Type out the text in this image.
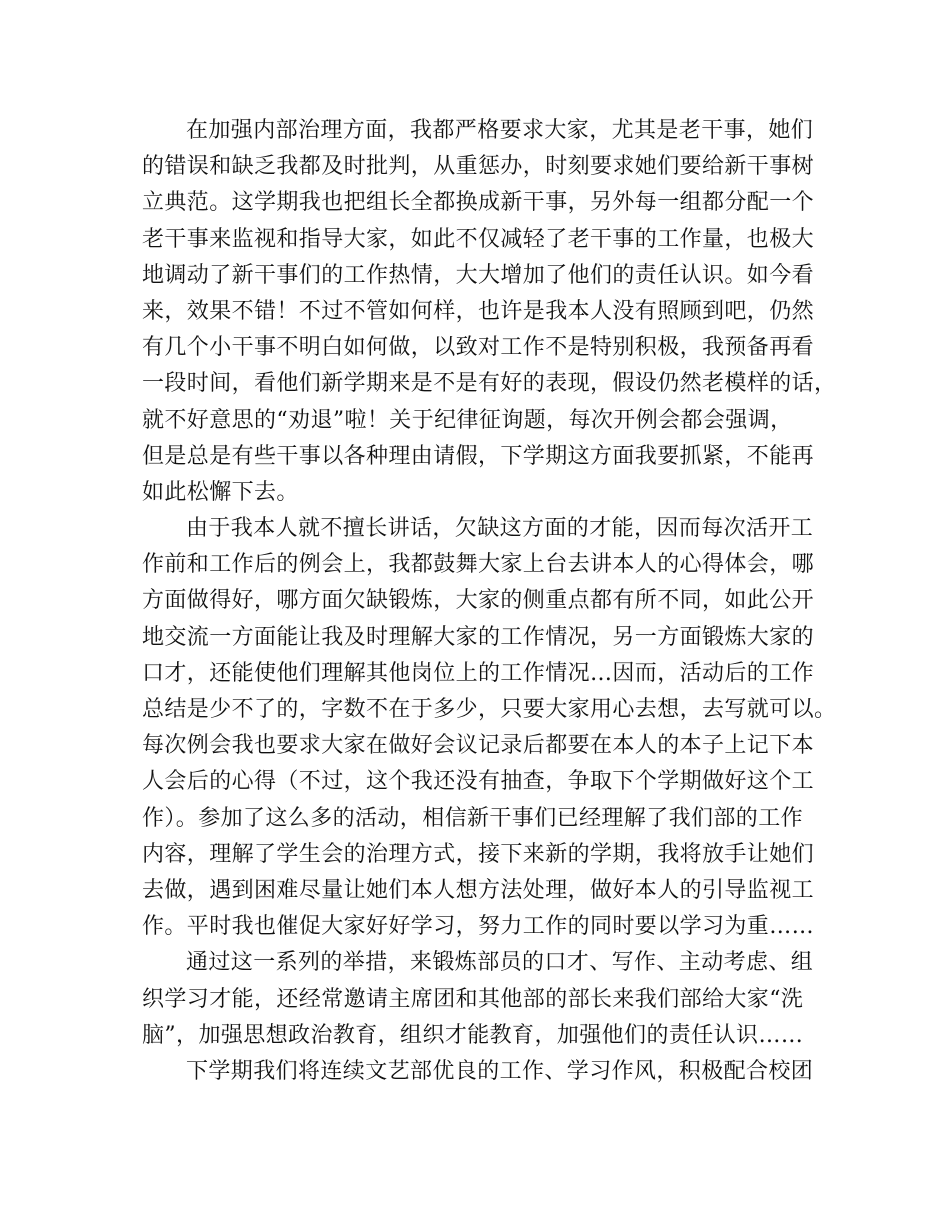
在加强内部治理方面，我都严格要求大家，尤其是老干事，她们
的错误和缺乏我都及时批判，从重惩办，时刻要求她们要给新干事树
立典范。这学期我也把组长全都换成新干事，另外每一组都分配一个
老干事来监视和指导大家，如此不仅减轻了老干事的工作量，也极大
地调动了新干事们的工作热情，大大增加了他们的责任认识。如今看
来，效果不错！不过不管如何样，也许是我本人没有照顾到吧，仍然
有几个小干事不明白如何做，以致对工作不是特别积极，我预备再看
一段时间，看他们新学期来是不是有好的表现，假设仍然老模样的话，
就不好意思的“劝退”啦！关于纪律征询题，每次开例会都会强调，
但是总是有些干事以各种理由请假，下学期这方面我要抓紧，不能再
如此松懈下去。
由于我本人就不擅长讲话，欠缺这方面的才能，因而每次活开工
作前和工作后的例会上，我都鼓舞大家上台去讲本人的心得体会，哪
方面做得好，哪方面欠缺锻炼，大家的侧重点都有所不同，如此公开
地交流一方面能让我及时理解大家的工作情况，另一方面锻炼大家的
口才，还能使他们理解其他岗位上的工作情况…因而，活动后的工作
总结是少不了的，字数不在于多少，只要大家用心去想，去写就可以。
每次例会我也要求大家在做好会议记录后都要在本人的本子上记下本
人会后的心得（不过，这个我还没有抽查，争取下个学期做好这个工
作）。参加了这么多的活动，相信新干事们已经理解了我们部的工作
内容，理解了学生会的治理方式，接下来新的学期，我将放手让她们
去做，遇到困难尽量让她们本人想方法处理，做好本人的引导监视工
作。平时我也催促大家好好学习，努力工作的同时要以学习为重……
通过这一系列的举措，来锻炼部员的口才、写作、主动考虑、组
织学习才能，还经常邀请主席团和其他部的部长来我们部给大家“洗
脑”，加强思想政治教育，组织才能教育，加强他们的责任认识……
下学期我们将连续文艺部优良的工作、学习作风，积极配合校团
